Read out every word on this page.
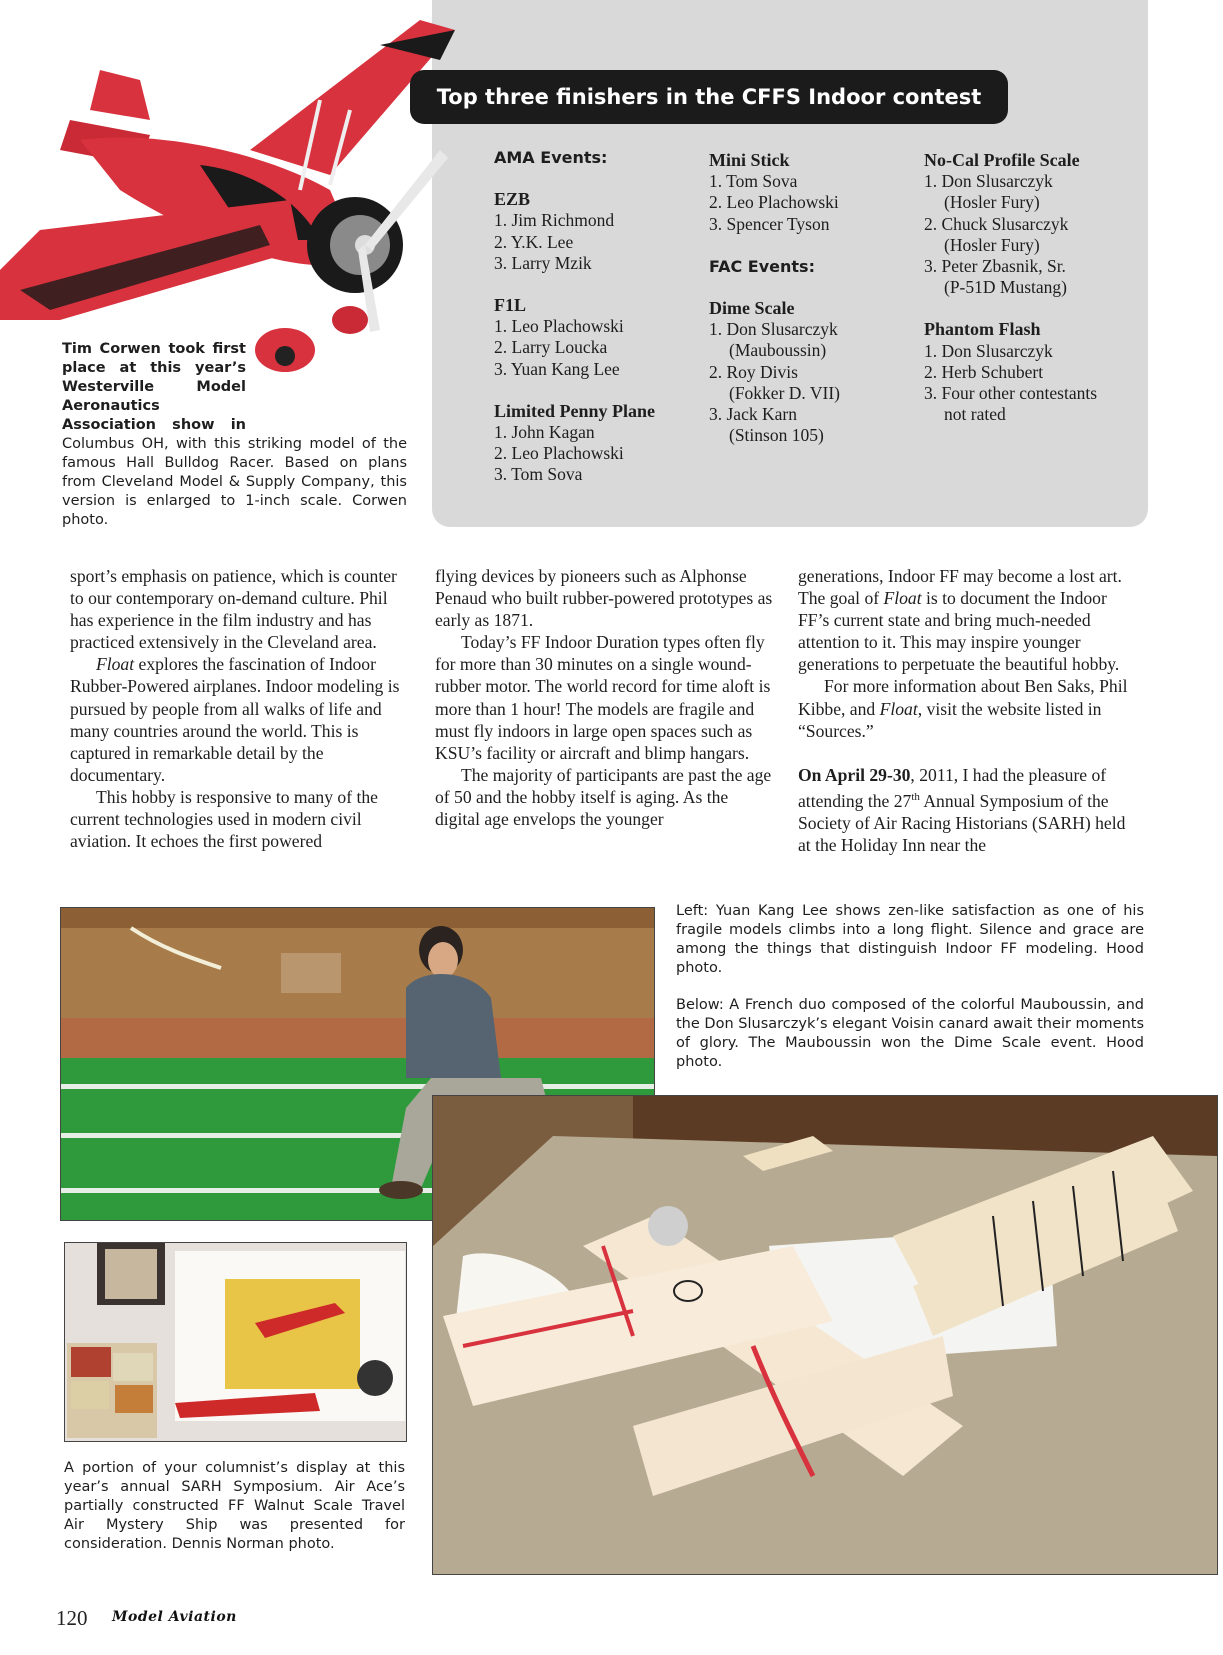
Top three finishers in the CFFS Indoor contest
AMA Events:
EZB
1. Jim Richmond
2. Y.K. Lee
3. Larry Mzik
F1L
1. Leo Plachowski
2. Larry Loucka
3. Yuan Kang Lee
Limited Penny Plane
1. John Kagan
2. Leo Plachowski
3. Tom Sova
Mini Stick
1. Tom Sova
2. Leo Plachowski
3. Spencer Tyson
FAC Events:
Dime Scale
1. Don Slusarczyk
(Mauboussin)
2. Roy Divis
(Fokker D. VII)
3. Jack Karn
(Stinson 105)
No-Cal Profile Scale
1. Don Slusarczyk
(Hosler Fury)
2. Chuck Slusarczyk
(Hosler Fury)
3. Peter Zbasnik, Sr.
(P-51D Mustang)
Phantom Flash
1. Don Slusarczyk
2. Herb Schubert
3. Four other contestants
not rated
Tim Corwen took first place at this year’s Westerville Model Aeronautics Association show in
Columbus OH, with this striking model of the famous Hall Bulldog Racer. Based on plans from Cleveland Model & Supply Company, this version is enlarged to 1-inch scale. Corwen photo.

sport’s emphasis on patience, which is counter to our contemporary on-demand culture. Phil has experience in the film industry and has practiced extensively in the Cleveland area.

Float explores the fascination of Indoor Rubber-Powered airplanes. Indoor modeling is pursued by people from all walks of life and many countries around the world. This is captured in remarkable detail by the documentary.

This hobby is responsive to many of the current technologies used in modern civil aviation. It echoes the first powered

flying devices by pioneers such as Alphonse Penaud who built rubber-powered prototypes as early as 1871.

Today’s FF Indoor Duration types often fly for more than 30 minutes on a single wound-rubber motor. The world record for time aloft is more than 1 hour! The models are fragile and must fly indoors in large open spaces such as KSU’s facility or aircraft and blimp hangars.

The majority of participants are past the age of 50 and the hobby itself is aging. As the digital age envelops the younger

generations, Indoor FF may become a lost art. The goal of Float is to document the Indoor FF’s current state and bring much-needed attention to it. This may inspire younger generations to perpetuate the beautiful hobby.

For more information about Ben Saks, Phil Kibbe, and Float, visit the website listed in “Sources.”

On April 29-30, 2011, I had the pleasure of attending the 27th Annual Symposium of the Society of Air Racing Historians (SARH) held at the Holiday Inn near the

Left: Yuan Kang Lee shows zen-like satisfaction as one of his fragile models climbs into a long flight. Silence and grace are among the things that distinguish Indoor FF modeling. Hood photo.
Below: A French duo composed of the colorful Mauboussin, and the Don Slusarczyk’s elegant Voisin canard await their moments of glory. The Mauboussin won the Dime Scale event. Hood photo.
A portion of your columnist’s display at this year’s annual SARH Symposium. Air Ace’s partially constructed FF Walnut Scale Travel Air Mystery Ship was presented for consideration. Dennis Norman photo.
120 Model Aviation
